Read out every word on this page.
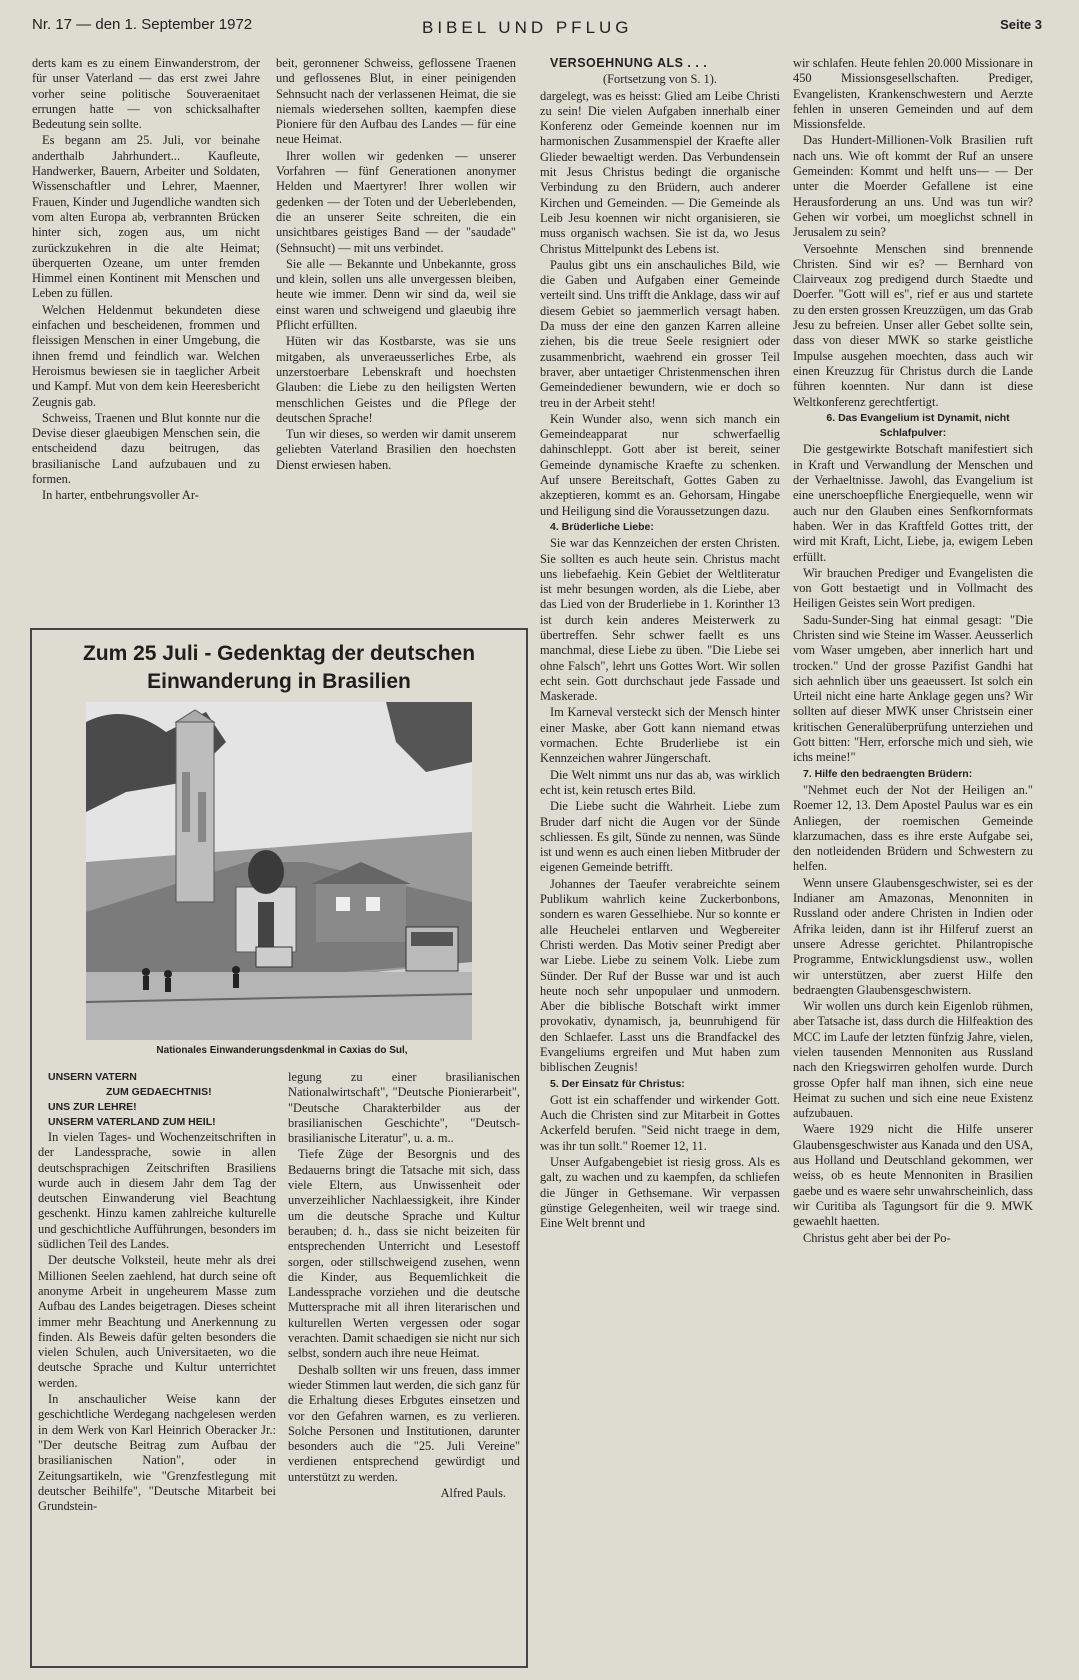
Nr. 17 — den 1. September 1972	BIBEL UND PFLUG	Seite 3

derts kam es zu einem Einwanderstrom, der für unser Vaterland — das erst zwei Jahre vorher seine politische Souveraenitaet errungen hatte — von schicksalhafter Bedeutung sein sollte.

Es begann am 25. Juli, vor beinahe anderthalb Jahrhundert... Kaufleute, Handwerker, Bauern, Arbeiter und Soldaten, Wissenschaftler und Lehrer, Maenner, Frauen, Kinder und Jugendliche wandten sich vom alten Europa ab, verbrannten Brücken hinter sich, zogen aus, um nicht zurückzukehren in die alte Heimat; überquerten Ozeane, um unter fremden Himmel einen Kontinent mit Menschen und Leben zu füllen.

Welchen Heldenmut bekundeten diese einfachen und bescheidenen, frommen und fleissigen Menschen in einer Umgebung, die ihnen fremd und feindlich war. Welchen Heroismus bewiesen sie in taeglicher Arbeit und Kampf. Mut von dem kein Heeresbericht Zeugnis gab.

Schweiss, Traenen und Blut konnte nur die Devise dieser glaeubigen Menschen sein, die entscheidend dazu beitrugen, das brasilianische Land aufzubauen und zu formen.

In harter, entbehrungsvoller Ar-

beit, geronnener Schweiss, geflossene Traenen und geflossenes Blut, in einer peinigenden Sehnsucht nach der verlassenen Heimat, die sie niemals wiedersehen sollten, kaempfen diese Pioniere für den Aufbau des Landes — für eine neue Heimat.

Ihrer wollen wir gedenken — unserer Vorfahren — fünf Generationen anonymer Helden und Maertyrer! Ihrer wollen wir gedenken — der Toten und der Ueberlebenden, die an unserer Seite schreiten, die ein unsichtbares geistiges Band — der "saudade" (Sehnsucht) — mit uns verbindet.

Sie alle — Bekannte und Unbekannte, gross und klein, sollen uns alle unvergessen bleiben, heute wie immer. Denn wir sind da, weil sie einst waren und schweigend und glaeubig ihre Pflicht erfüllten.

Hüten wir das Kostbarste, was sie uns mitgaben, als unveraeusserliches Erbe, als unzerstoerbare Lebenskraft und hoechsten Glauben: die Liebe zu den heiligsten Werten menschlichen Geistes und die Pflege der deutschen Sprache!

Tun wir dieses, so werden wir damit unserem geliebten Vaterland Brasilien den hoechsten Dienst erwiesen haben.

VERSOEHNUNG ALS . . .

(Fortsetzung von S. 1).

dargelegt, was es heisst: Glied am Leibe Christi zu sein! Die vielen Aufgaben innerhalb einer Konferenz oder Gemeinde koennen nur im harmonischen Zusammenspiel der Kraefte aller Glieder bewaeltigt werden. Das Verbundensein mit Jesus Christus bedingt die organische Verbindung zu den Brüdern, auch anderer Kirchen und Gemeinden. — Die Gemeinde als Leib Jesu koennen wir nicht organisieren, sie muss organisch wachsen. Sie ist da, wo Jesus Christus Mittelpunkt des Lebens ist.

Paulus gibt uns ein anschauliches Bild, wie die Gaben und Aufgaben einer Gemeinde verteilt sind. Uns trifft die Anklage, dass wir auf diesem Gebiet so jaemmerlich versagt haben. Da muss der eine den ganzen Karren alleine ziehen, bis die treue Seele resigniert oder zusammenbricht, waehrend ein grosser Teil braver, aber untaetiger Christenmenschen ihren Gemeindediener bewundern, wie er doch so treu in der Arbeit steht!

Kein Wunder also, wenn sich manch ein Gemeindeapparat nur schwerfaellig dahinschleppt. Gott aber ist bereit, seiner Gemeinde dynamische Kraefte zu schenken. Auf unsere Bereitschaft, Gottes Gaben zu akzeptieren, kommt es an. Gehorsam, Hingabe und Heiligung sind die Voraussetzungen dazu.

4. Brüderliche Liebe:

Sie war das Kennzeichen der ersten Christen. Sie sollten es auch heute sein. Christus macht uns liebefaehig. Kein Gebiet der Weltliteratur ist mehr besungen worden, als die Liebe, aber das Lied von der Bruderliebe in 1. Korinther 13 ist durch kein anderes Meisterwerk zu übertreffen. Sehr schwer faellt es uns manchmal, diese Liebe zu üben. "Die Liebe sei ohne Falsch", lehrt uns Gottes Wort. Wir sollen echt sein. Gott durchschaut jede Fassade und Maskerade.

Im Karneval versteckt sich der Mensch hinter einer Maske, aber Gott kann niemand etwas vormachen. Echte Bruderliebe ist ein Kennzeichen wahrer Jüngerschaft.

Die Welt nimmt uns nur das ab, was wirklich echt ist, kein retusch ertes Bild.

Die Liebe sucht die Wahrheit. Liebe zum Bruder darf nicht die Augen vor der Sünde schliessen. Es gilt, Sünde zu nennen, was Sünde ist und wenn es auch einen lieben Mitbruder der eigenen Gemeinde betrifft.

Johannes der Taeufer verabreichte seinem Publikum wahrlich keine Zuckerbonbons, sondern es waren Gesselhiebe. Nur so konnte er alle Heuchelei entlarven und Wegbereiter Christi werden. Das Motiv seiner Predigt aber war Liebe. Liebe zu seinem Volk. Liebe zum Sünder. Der Ruf der Busse war und ist auch heute noch sehr unpopulaer und unmodern. Aber die biblische Botschaft wirkt immer provokativ, dynamisch, ja, beunruhigend für den Schlaefer. Lasst uns die Brandfackel des Evangeliums ergreifen und Mut haben zum biblischen Zeugnis!

5. Der Einsatz für Christus:

Gott ist ein schaffender und wirkender Gott. Auch die Christen sind zur Mitarbeit in Gottes Ackerfeld berufen. "Seid nicht traege in dem, was ihr tun sollt." Roemer 12, 11.

Unser Aufgabengebiet ist riesig gross. Als es galt, zu wachen und zu kaempfen, da schliefen die Jünger in Gethsemane. Wir verpassen günstige Gelegenheiten, weil wir traege sind. Eine Welt brennt und

wir schlafen. Heute fehlen 20.000 Missionare in 450 Missionsgesellschaften. Prediger, Evangelisten, Krankenschwestern und Aerzte fehlen in unseren Gemeinden und auf dem Missionsfelde.

Das Hundert-Millionen-Volk Brasilien ruft nach uns. Wie oft kommt der Ruf an unsere Gemeinden: Kommt und helft uns— — Der unter die Moerder Gefallene ist eine Herausforderung an uns. Und was tun wir? Gehen wir vorbei, um moeglichst schnell in Jerusalem zu sein?

Versoehnte Menschen sind brennende Christen. Sind wir es? — Bernhard von Clairveaux zog predigend durch Staedte und Doerfer. "Gott will es", rief er aus und startete zu den ersten grossen Kreuzzügen, um das Grab Jesu zu befreien. Unser aller Gebet sollte sein, dass von dieser MWK so starke geistliche Impulse ausgehen moechten, dass auch wir einen Kreuzzug für Christus durch die Lande führen koennten. Nur dann ist diese Weltkonferenz gerechtfertigt.

6. Das Evangelium ist Dynamit, nicht Schlafpulver:

Die gestgewirkte Botschaft manifestiert sich in Kraft und Verwandlung der Menschen und der Verhaeltnisse. Jawohl, das Evangelium ist eine unerschoepfliche Energiequelle, wenn wir auch nur den Glauben eines Senfkornformats haben. Wer in das Kraftfeld Gottes tritt, der wird mit Kraft, Licht, Liebe, ja, ewigem Leben erfüllt.

Wir brauchen Prediger und Evangelisten die von Gott bestaetigt und in Vollmacht des Heiligen Geistes sein Wort predigen.

Sadu-Sunder-Sing hat einmal gesagt: "Die Christen sind wie Steine im Wasser. Aeusserlich vom Waser umgeben, aber innerlich hart und trocken." Und der grosse Pazifist Gandhi hat sich aehnlich über uns geaeussert. Ist solch ein Urteil nicht eine harte Anklage gegen uns? Wir sollten auf dieser MWK unser Christsein einer kritischen Generalüberprüfung unterziehen und Gott bitten: "Herr, erforsche mich und sieh, wie ichs meine!"

7. Hilfe den bedraengten Brüdern:

"Nehmet euch der Not der Heiligen an." Roemer 12, 13. Dem Apostel Paulus war es ein Anliegen, der roemischen Gemeinde klarzumachen, dass es ihre erste Aufgabe sei, den notleidenden Brüdern und Schwestern zu helfen.

Wenn unsere Glaubensgeschwister, sei es der Indianer am Amazonas, Menonniten in Russland oder andere Christen in Indien oder Afrika leiden, dann ist ihr Hilferuf zuerst an unsere Adresse gerichtet. Philantropische Programme, Entwicklungsdienst usw., wollen wir unterstützen, aber zuerst Hilfe den bedraengten Glaubensgeschwistern.

Wir wollen uns durch kein Eigenlob rühmen, aber Tatsache ist, dass durch die Hilfeaktion des MCC im Laufe der letzten fünfzig Jahre, vielen, vielen tausenden Mennoniten aus Russland nach den Kriegswirren geholfen wurde. Durch grosse Opfer half man ihnen, sich eine neue Heimat zu suchen und sich eine neue Existenz aufzubauen.

Waere 1929 nicht die Hilfe unserer Glaubensgeschwister aus Kanada und den USA, aus Holland und Deutschland gekommen, wer weiss, ob es heute Mennoniten in Brasilien gaebe und es waere sehr unwahrscheinlich, dass wir Curitiba als Tagungsort für die 9. MWK gewaehlt haetten.

Christus geht aber bei der Po-

Zum 25 Juli - Gedenktag der deutschen
Einwanderung in Brasilien
Nationales Einwanderungsdenkmal in Caxias do Sul,

UNSERN VATERN

ZUM GEDAECHTNIS!

UNS ZUR LEHRE!

UNSERM VATERLAND ZUM HEIL!

In vielen Tages- und Wochenzeitschriften in der Landessprache, sowie in allen deutschsprachigen Zeitschriften Brasiliens wurde auch in diesem Jahr dem Tag der deutschen Einwanderung viel Beachtung geschenkt. Hinzu kamen zahlreiche kulturelle und geschichtliche Aufführungen, besonders im südlichen Teil des Landes.

Der deutsche Volksteil, heute mehr als drei Millionen Seelen zaehlend, hat durch seine oft anonyme Arbeit in ungeheurem Masse zum Aufbau des Landes beigetragen. Dieses scheint immer mehr Beachtung und Anerkennung zu finden. Als Beweis dafür gelten besonders die vielen Schulen, auch Universitaeten, wo die deutsche Sprache und Kultur unterrichtet werden.

In anschaulicher Weise kann der geschichtliche Werdegang nachgelesen werden in dem Werk von Karl Heinrich Oberacker Jr.: "Der deutsche Beitrag zum Aufbau der brasilianischen Nation", oder in Zeitungsartikeln, wie "Grenzfestlegung mit deutscher Beihilfe", "Deutsche Mitarbeit bei Grundstein-

legung zu einer brasilianischen Nationalwirtschaft", "Deutsche Pionierarbeit", "Deutsche Charakterbilder aus der brasilianischen Geschichte", "Deutsch-brasilianische Literatur", u. a. m..

Tiefe Züge der Besorgnis und des Bedauerns bringt die Tatsache mit sich, dass viele Eltern, aus Unwissenheit oder unverzeihlicher Nachlaessigkeit, ihre Kinder um die deutsche Sprache und Kultur berauben; d. h., dass sie nicht beizeiten für entsprechenden Unterricht und Lesestoff sorgen, oder stillschweigend zusehen, wenn die Kinder, aus Bequemlichkeit die Landessprache vorziehen und die deutsche Muttersprache mit all ihren literarischen und kulturellen Werten vergessen oder sogar verachten. Damit schaedigen sie nicht nur sich selbst, sondern auch ihre neue Heimat.

Deshalb sollten wir uns freuen, dass immer wieder Stimmen laut werden, die sich ganz für die Erhaltung dieses Erbgutes einsetzen und vor den Gefahren warnen, es zu verlieren. Solche Personen und Institutionen, darunter besonders auch die "25. Juli Vereine" verdienen entsprechend gewürdigt und unterstützt zu werden.

Alfred Pauls.
